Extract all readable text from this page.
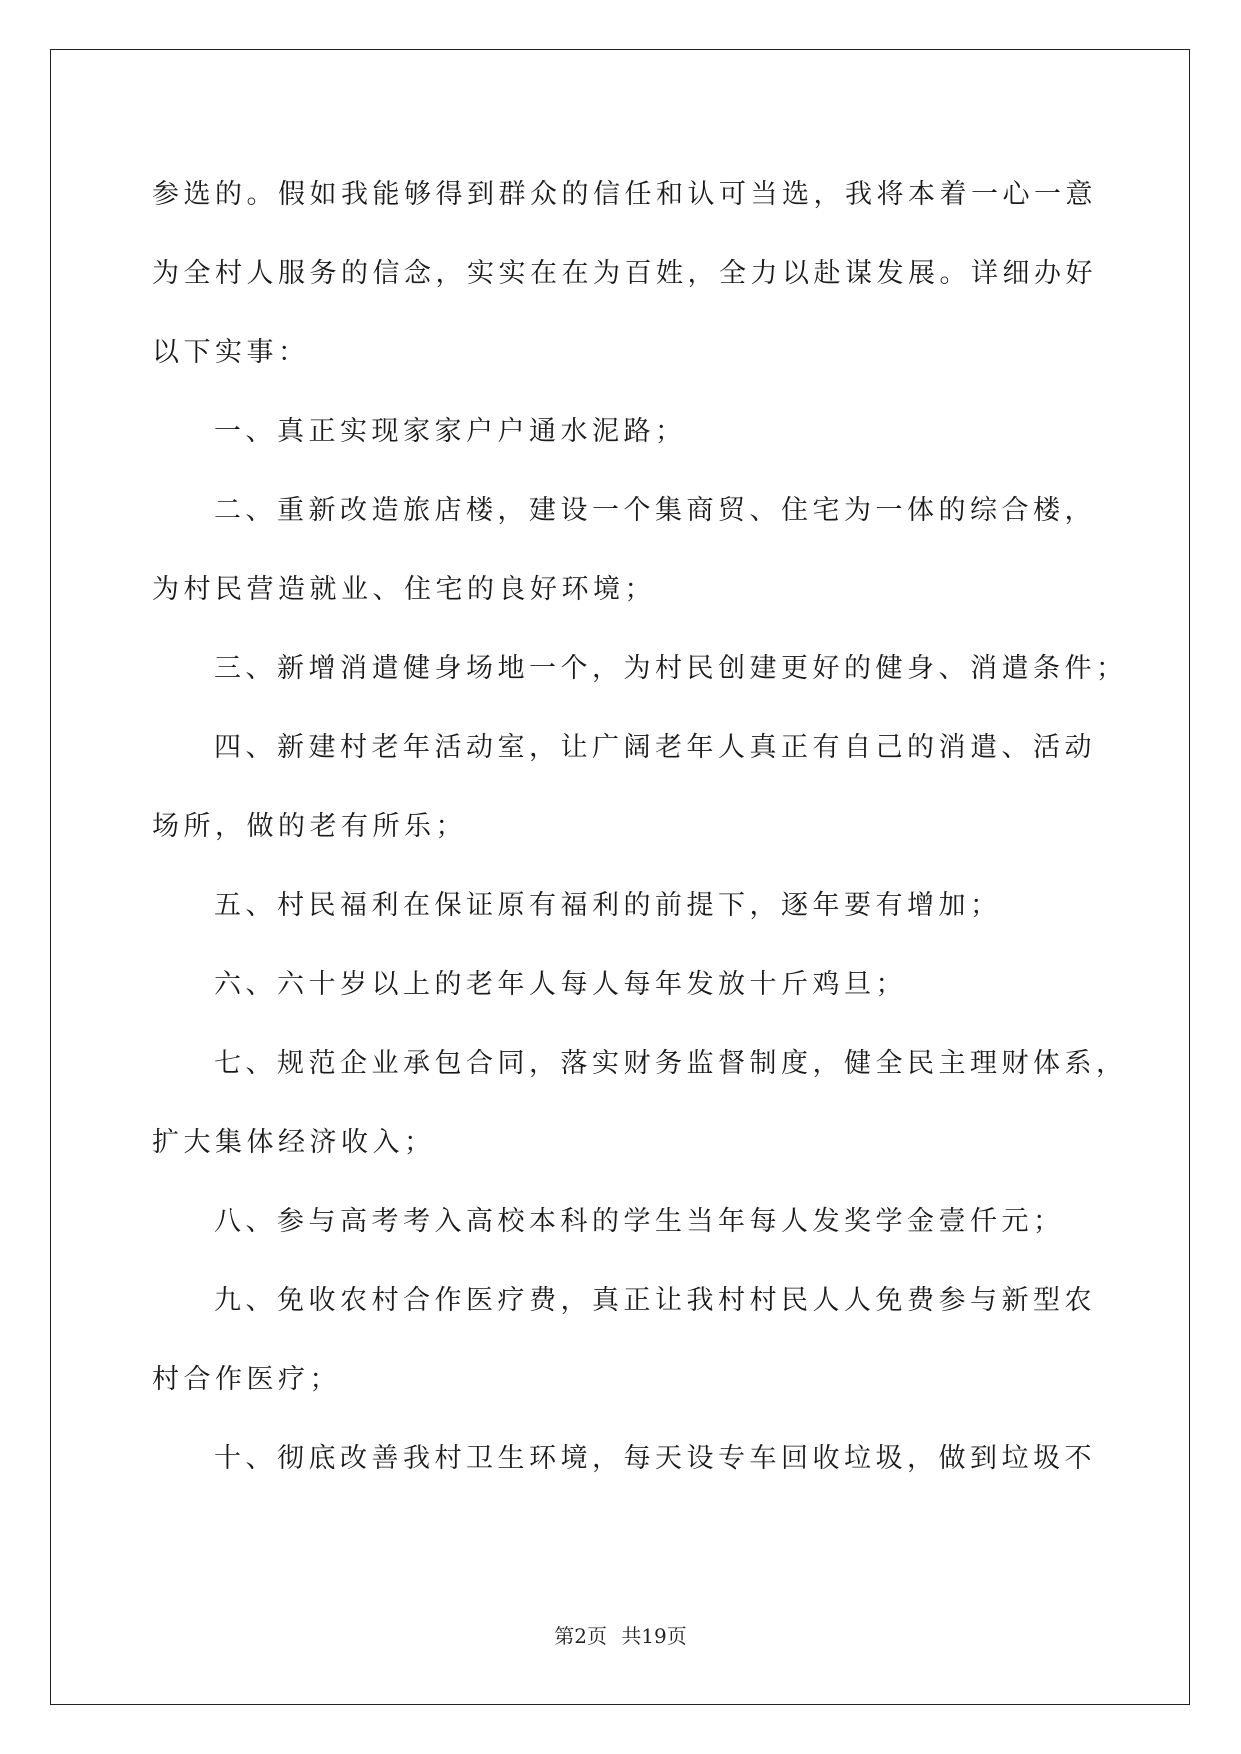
参选的。假如我能够得到群众的信任和认可当选，我将本着一心一意
为全村人服务的信念，实实在在为百姓，全力以赴谋发展。详细办好
以下实事：
一、真正实现家家户户通水泥路；
二、重新改造旅店楼，建设一个集商贸、住宅为一体的综合楼，
为村民营造就业、住宅的良好环境；
三、新增消遣健身场地一个，为村民创建更好的健身、消遣条件；
四、新建村老年活动室，让广阔老年人真正有自己的消遣、活动
场所，做的老有所乐；
五、村民福利在保证原有福利的前提下，逐年要有增加；
六、六十岁以上的老年人每人每年发放十斤鸡旦；
七、规范企业承包合同，落实财务监督制度，健全民主理财体系，
扩大集体经济收入；
八、参与高考考入高校本科的学生当年每人发奖学金壹仟元；
九、免收农村合作医疗费，真正让我村村民人人免费参与新型农
村合作医疗；
十、彻底改善我村卫生环境，每天设专车回收垃圾，做到垃圾不
第2页 共19页
